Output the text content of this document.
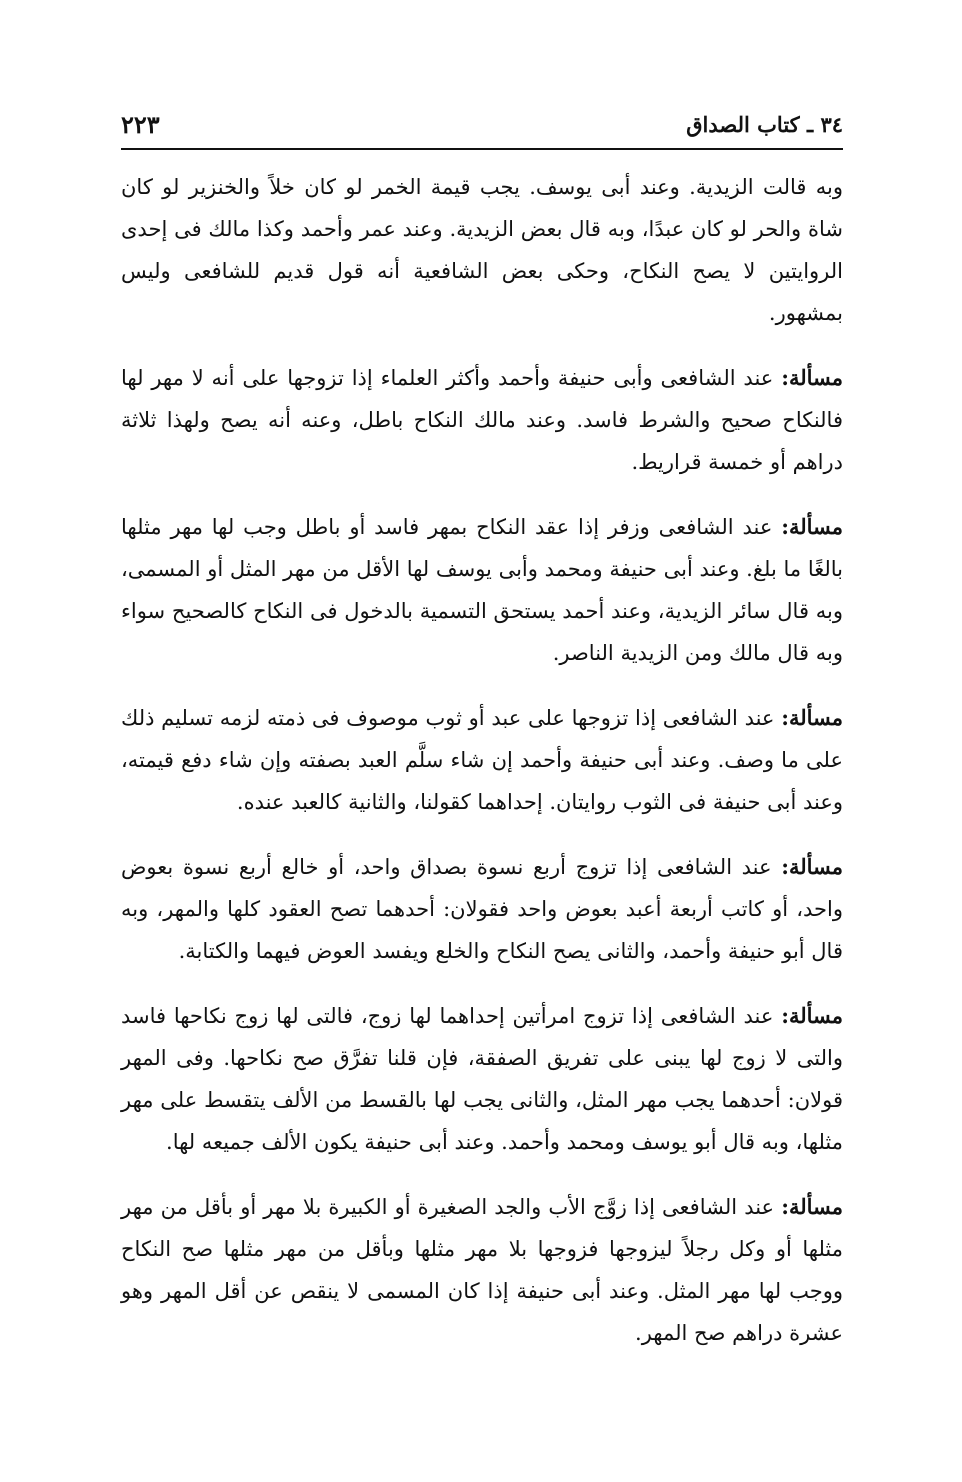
٣٤ ـ كتاب الصداق
٢٢٣

وبه قالت الزيدية. وعند أبى يوسف. يجب قيمة الخمر لو كان خلاً والخنزير لو كان شاة والحر لو كان عبدًا، وبه قال بعض الزيدية. وعند عمر وأحمد وكذا مالك فى إحدى الروايتين لا يصح النكاح، وحكى بعض الشافعية أنه قول قديم للشافعى وليس بمشهور.

مسألة: عند الشافعى وأبى حنيفة وأحمد وأكثر العلماء إذا تزوجها على أنه لا مهر لها فالنكاح صحيح والشرط فاسد. وعند مالك النكاح باطل، وعنه أنه يصح ولهذا ثلاثة دراهم أو خمسة قراريط.

مسألة: عند الشافعى وزفر إذا عقد النكاح بمهر فاسد أو باطل وجب لها مهر مثلها بالغًا ما بلغ. وعند أبى حنيفة ومحمد وأبى يوسف لها الأقل من مهر المثل أو المسمى، وبه قال سائر الزيدية، وعند أحمد يستحق التسمية بالدخول فى النكاح كالصحيح سواء وبه قال مالك ومن الزيدية الناصر.

مسألة: عند الشافعى إذا تزوجها على عبد أو ثوب موصوف فى ذمته لزمه تسليم ذلك على ما وصف. وعند أبى حنيفة وأحمد إن شاء سلَّم العبد بصفته وإن شاء دفع قيمته، وعند أبى حنيفة فى الثوب روايتان. إحداهما كقولنا، والثانية كالعبد عنده.

مسألة: عند الشافعى إذا تزوج أربع نسوة بصداق واحد، أو خالع أربع نسوة بعوض واحد، أو كاتب أربعة أعبد بعوض واحد فقولان: أحدهما تصح العقود كلها والمهر، وبه قال أبو حنيفة وأحمد، والثانى يصح النكاح والخلع ويفسد العوض فيهما والكتابة.

مسألة: عند الشافعى إذا تزوج امرأتين إحداهما لها زوج، فالتى لها زوج نكاحها فاسد والتى لا زوج لها يبنى على تفريق الصفقة، فإن قلنا تفرَّق صح نكاحها. وفى المهر قولان: أحدهما يجب مهر المثل، والثانى يجب لها بالقسط من الألف يتقسط على مهر مثلها، وبه قال أبو يوسف ومحمد وأحمد. وعند أبى حنيفة يكون الألف جميعه لها.

مسألة: عند الشافعى إذا زوَّج الأب والجد الصغيرة أو الكبيرة بلا مهر أو بأقل من مهر مثلها أو وكل رجلاً ليزوجها فزوجها بلا مهر مثلها وبأقل من مهر مثلها صح النكاح ووجب لها مهر المثل. وعند أبى حنيفة إذا كان المسمى لا ينقص عن أقل المهر وهو عشرة دراهم صح المهر.
